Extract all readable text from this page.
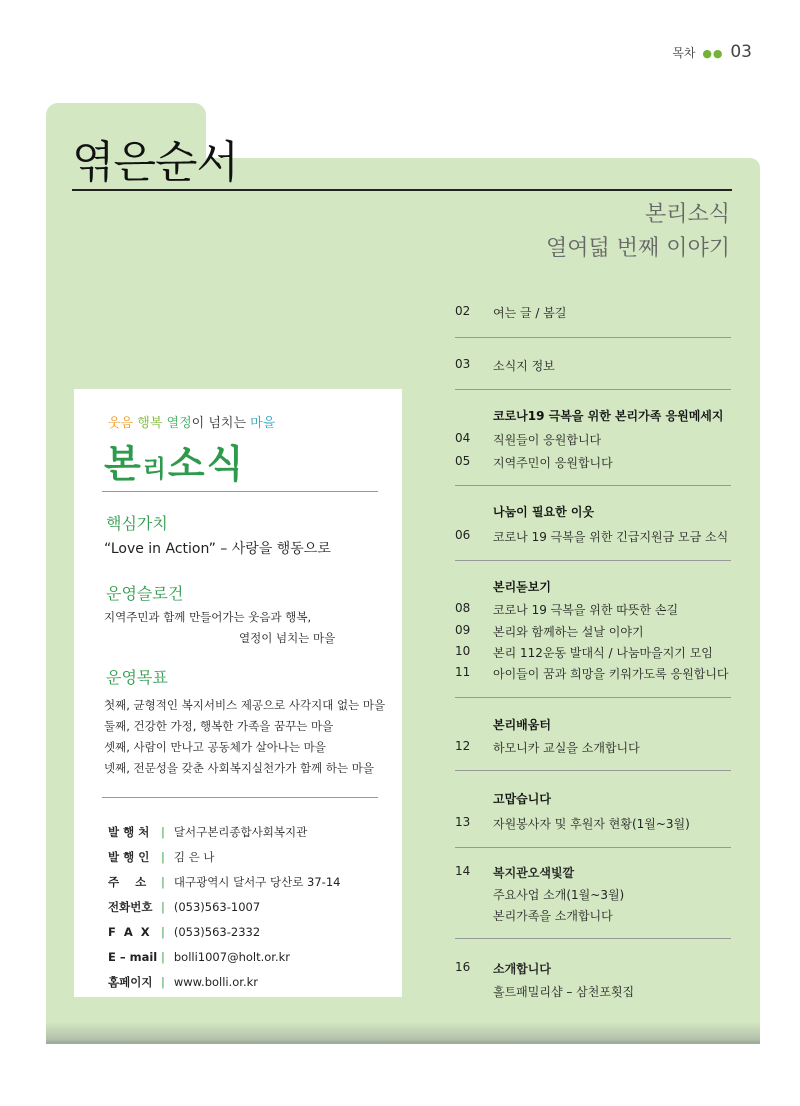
목차 ●● 03
엮은순서
본리소식
열여덟 번째 이야기
웃음 행복 열정이 넘치는 마을
본리소식
핵심가치
“Love in Action” – 사랑을 행동으로
운영슬로건
지역주민과 함께 만들어가는 웃음과 행복,
열정이 넘치는 마을
운영목표
첫째, 균형적인 복지서비스 제공으로 사각지대 없는 마을
둘째, 건강한 가정, 행복한 가족을 꿈꾸는 마을
셋째, 사람이 만나고 공동체가 살아나는 마을
넷째, 전문성을 갖춘 사회복지실천가가 함께 하는 마을
발 행 처	| 달서구본리종합사회복지관
발 행 인	| 김 은 나
주    소	| 대구광역시 달서구 당산로 37-14
전화번호 | (053)563-1007
F  A  X | (053)563-2332
E – mail | bolli1007@holt.or.kr
홈페이지 | www.bolli.or.kr
02	여는 글 / 봄길
03	소식지 정보
코로나19 극복을 위한 본리가족 응원메세지
04	직원들이 응원합니다
05	지역주민이 응원합니다
나눔이 필요한 이웃
06	코로나 19 극복을 위한 긴급지원금 모금 소식
본리돋보기
08	코로나 19 극복을 위한 따뜻한 손길
09	본리와 함께하는 설날 이야기
10	본리 112운동 발대식 / 나눔마을지기 모임
11	아이들이 꿈과 희망을 키워가도록 응원합니다
본리배움터
12	하모니카 교실을 소개합니다
고맙습니다
13	자원봉사자 및 후원자 현황(1월~3월)
14	복지관오색빛깔
주요사업 소개(1월~3월)
본리가족을 소개합니다
16	소개합니다
홀트패밀리샵 – 삼천포횟집
